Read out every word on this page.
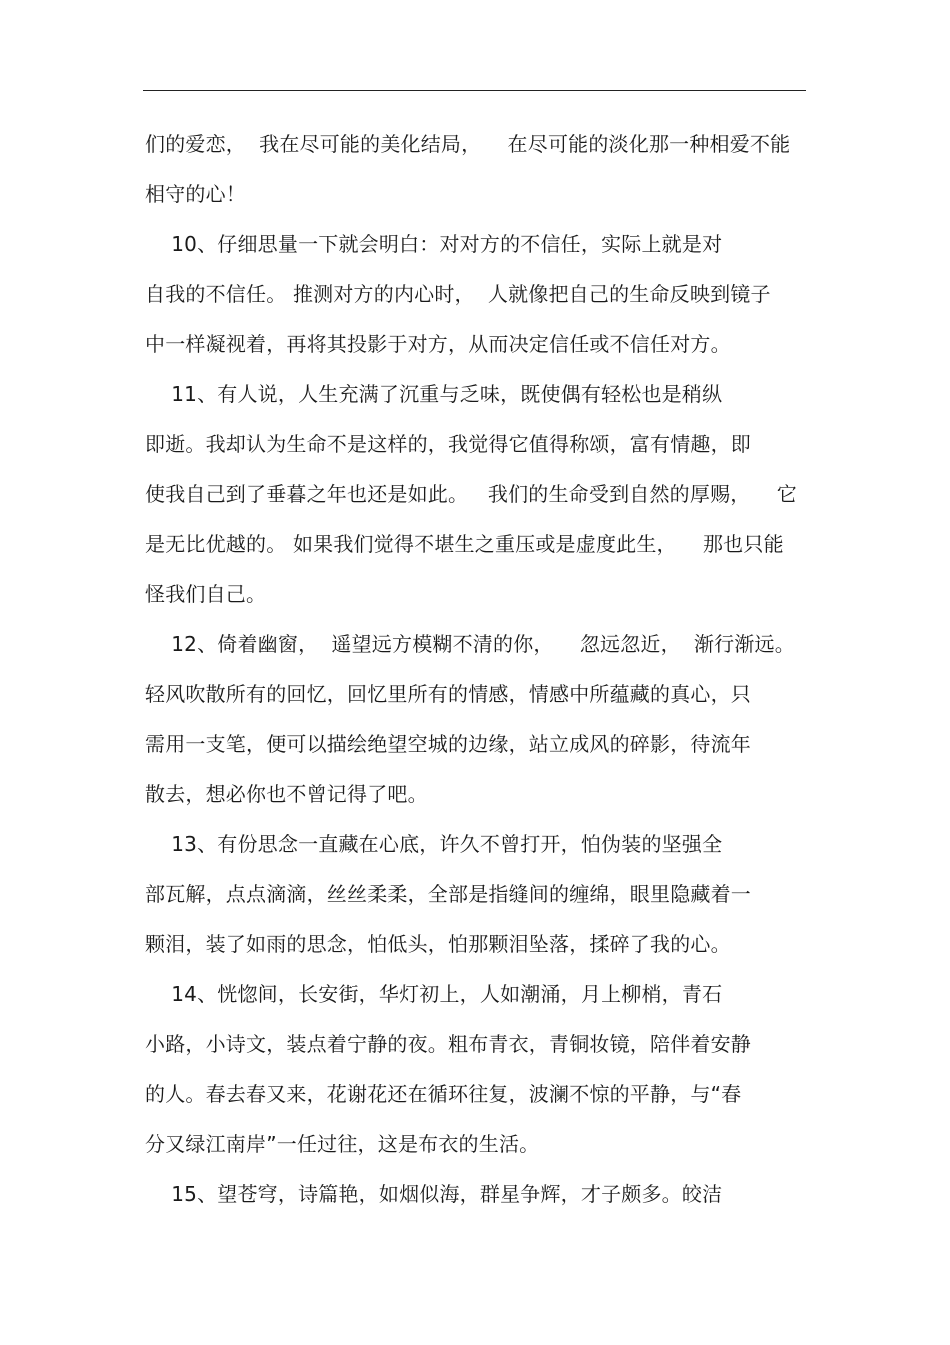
们的爱恋，  我在尽可能的美化结局，    在尽可能的淡化那一种相爱不能
相守的心！
10、仔细思量一下就会明白：对对方的不信任，实际上就是对
自我的不信任。 推测对方的内心时，  人就像把自己的生命反映到镜子
中一样凝视着，再将其投影于对方，从而决定信任或不信任对方。
11、有人说，人生充满了沉重与乏味，既使偶有轻松也是稍纵
即逝。我却认为生命不是这样的，我觉得它值得称颂，富有情趣，即
使我自己到了垂暮之年也还是如此。   我们的生命受到自然的厚赐，    它
是无比优越的。 如果我们觉得不堪生之重压或是虚度此生，    那也只能
怪我们自己。
12、倚着幽窗，  遥望远方模糊不清的你，    忽远忽近，  渐行渐远。
轻风吹散所有的回忆，回忆里所有的情感，情感中所蕴藏的真心，只
需用一支笔，便可以描绘绝望空城的边缘，站立成风的碎影，待流年
散去，想必你也不曾记得了吧。
13、有份思念一直藏在心底，许久不曾打开，怕伪装的坚强全
部瓦解，点点滴滴，丝丝柔柔，全部是指缝间的缠绵，眼里隐藏着一
颗泪，装了如雨的思念，怕低头，怕那颗泪坠落，揉碎了我的心。
14、恍惚间，长安街，华灯初上，人如潮涌，月上柳梢，青石
小路，小诗文，装点着宁静的夜。粗布青衣，青铜妆镜，陪伴着安静
的人。春去春又来，花谢花还在循环往复，波澜不惊的平静，与“春
分又绿江南岸”一任过往，这是布衣的生活。
15、望苍穹，诗篇艳，如烟似海，群星争辉，才子颇多。皎洁
